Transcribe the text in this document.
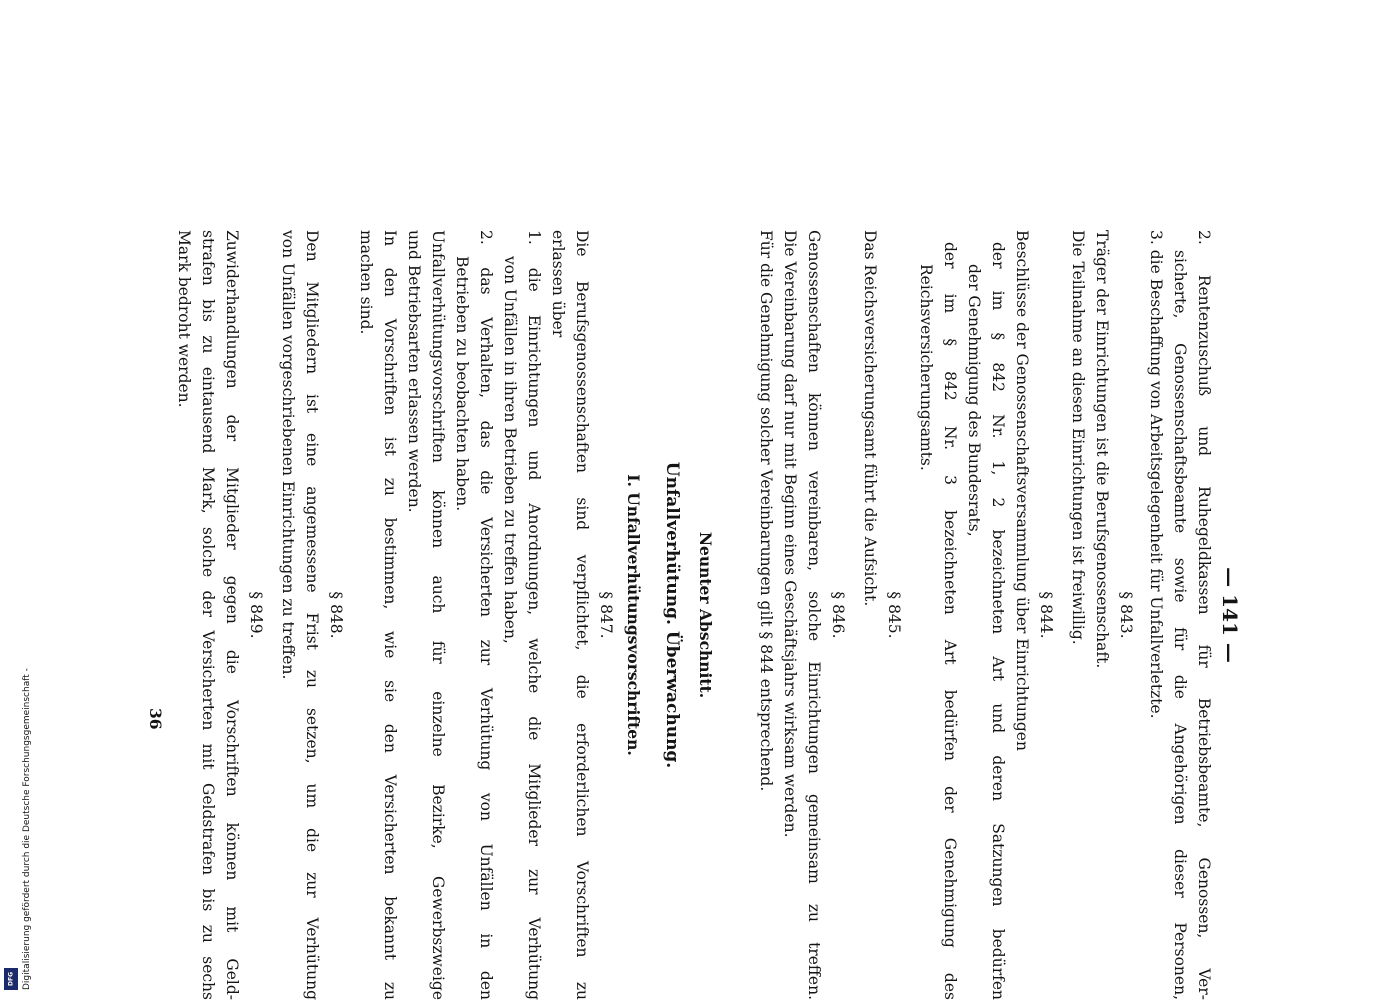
— 141 —
2. Rentenzuschuß und Ruhegeldkassen für Betriebsbeamte, Genossen, Ver-
sicherte, Genossenschaftsbeamte sowie für die Angehörigen dieser Personen,
3. die Beschaffung von Arbeitsgelegenheit für Unfallverletzte.
§ 843.
Träger der Einrichtungen ist die Berufsgenossenschaft.
Die Teilnahme an diesen Einrichtungen ist freiwillig.
§ 844.
Beschlüsse der Genossenschaftsversammlung über Einrichtungen
der im § 842 Nr. 1, 2 bezeichneten Art und deren Satzungen bedürfen
der Genehmigung des Bundesrats,
der im § 842 Nr. 3 bezeichneten Art bedürfen der Genehmigung des
Reichsversicherungsamts.
§ 845.
Das Reichsversicherungsamt führt die Aufsicht.
§ 846.
Genossenschaften können vereinbaren, solche Einrichtungen gemeinsam zu treffen.
Die Vereinbarung darf nur mit Beginn eines Geschäftsjahrs wirksam werden.
Für die Genehmigung solcher Vereinbarungen gilt § 844 entsprechend.
Neunter Abschnitt.
Unfallverhütung. Überwachung.
I. Unfallverhütungsvorschriften.
§ 847.
Die Berufsgenossenschaften sind verpflichtet, die erforderlichen Vorschriften zu
erlassen über
1. die Einrichtungen und Anordnungen, welche die Mitglieder zur Verhütung
von Unfällen in ihren Betrieben zu treffen haben,
2. das Verhalten, das die Versicherten zur Verhütung von Unfällen in den
Betrieben zu beobachten haben.
Unfallverhütungsvorschriften können auch für einzelne Bezirke, Gewerbszweige
und Betriebsarten erlassen werden.
In den Vorschriften ist zu bestimmen, wie sie den Versicherten bekannt zu
machen sind.
§ 848.
Den Mitgliedern ist eine angemessene Frist zu setzen, um die zur Verhütung
von Unfällen vorgeschriebenen Einrichtungen zu treffen.
§ 849.
Zuwiderhandlungen der Mitglieder gegen die Vorschriften können mit Geld-
strafen bis zu eintausend Mark, solche der Versicherten mit Geldstrafen bis zu sechs
Mark bedroht werden.
36
Digitalisierung gefördert durch die Deutsche Forschungsgemeinschaft -
DFG
